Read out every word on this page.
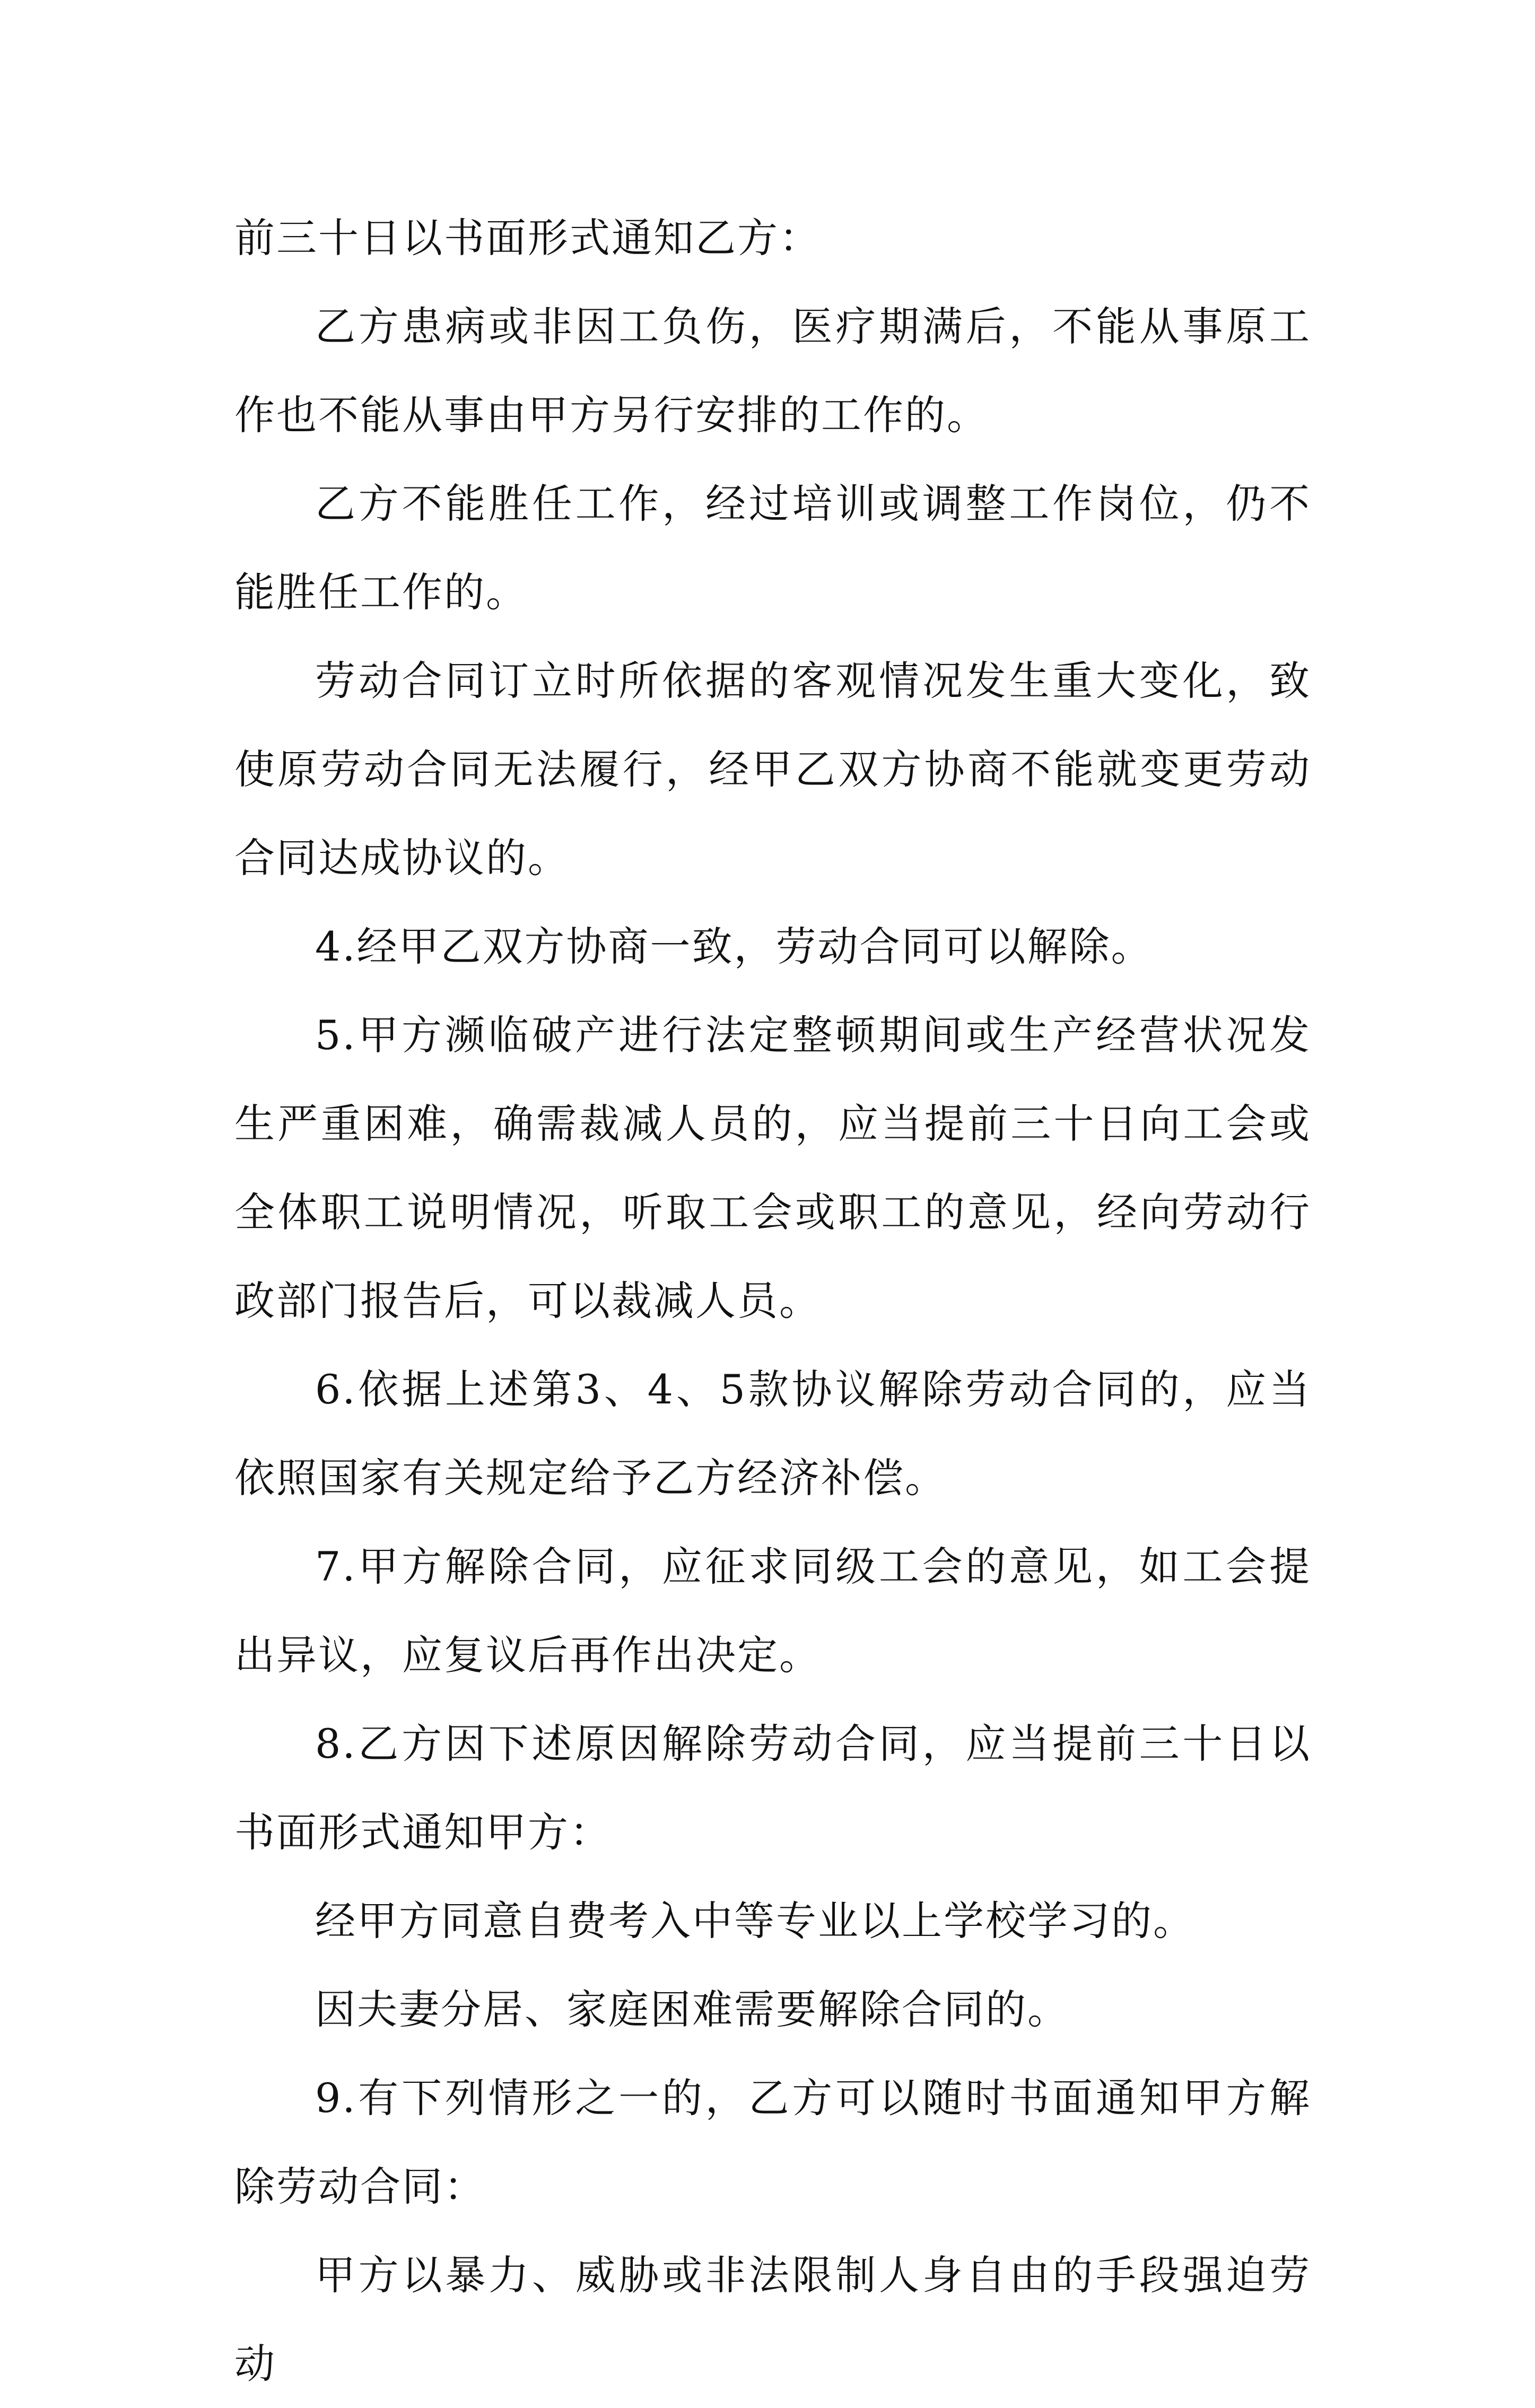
前三十日以书面形式通知乙方：

乙方患病或非因工负伤，医疗期满后，不能从事原工作也不能从事由甲方另行安排的工作的。

乙方不能胜任工作，经过培训或调整工作岗位，仍不能胜任工作的。

劳动合同订立时所依据的客观情况发生重大变化，致使原劳动合同无法履行，经甲乙双方协商不能就变更劳动合同达成协议的。

4.经甲乙双方协商一致，劳动合同可以解除。

5.甲方濒临破产进行法定整顿期间或生产经营状况发生严重困难，确需裁减人员的，应当提前三十日向工会或全体职工说明情况，听取工会或职工的意见，经向劳动行政部门报告后，可以裁减人员。

6.依据上述第3、4、5款协议解除劳动合同的，应当依照国家有关规定给予乙方经济补偿。

7.甲方解除合同，应征求同级工会的意见，如工会提出异议，应复议后再作出决定。

8.乙方因下述原因解除劳动合同，应当提前三十日以书面形式通知甲方：

经甲方同意自费考入中等专业以上学校学习的。

因夫妻分居、家庭困难需要解除合同的。

9.有下列情形之一的，乙方可以随时书面通知甲方解除劳动合同：

甲方以暴力、威胁或非法限制人身自由的手段强迫劳动
